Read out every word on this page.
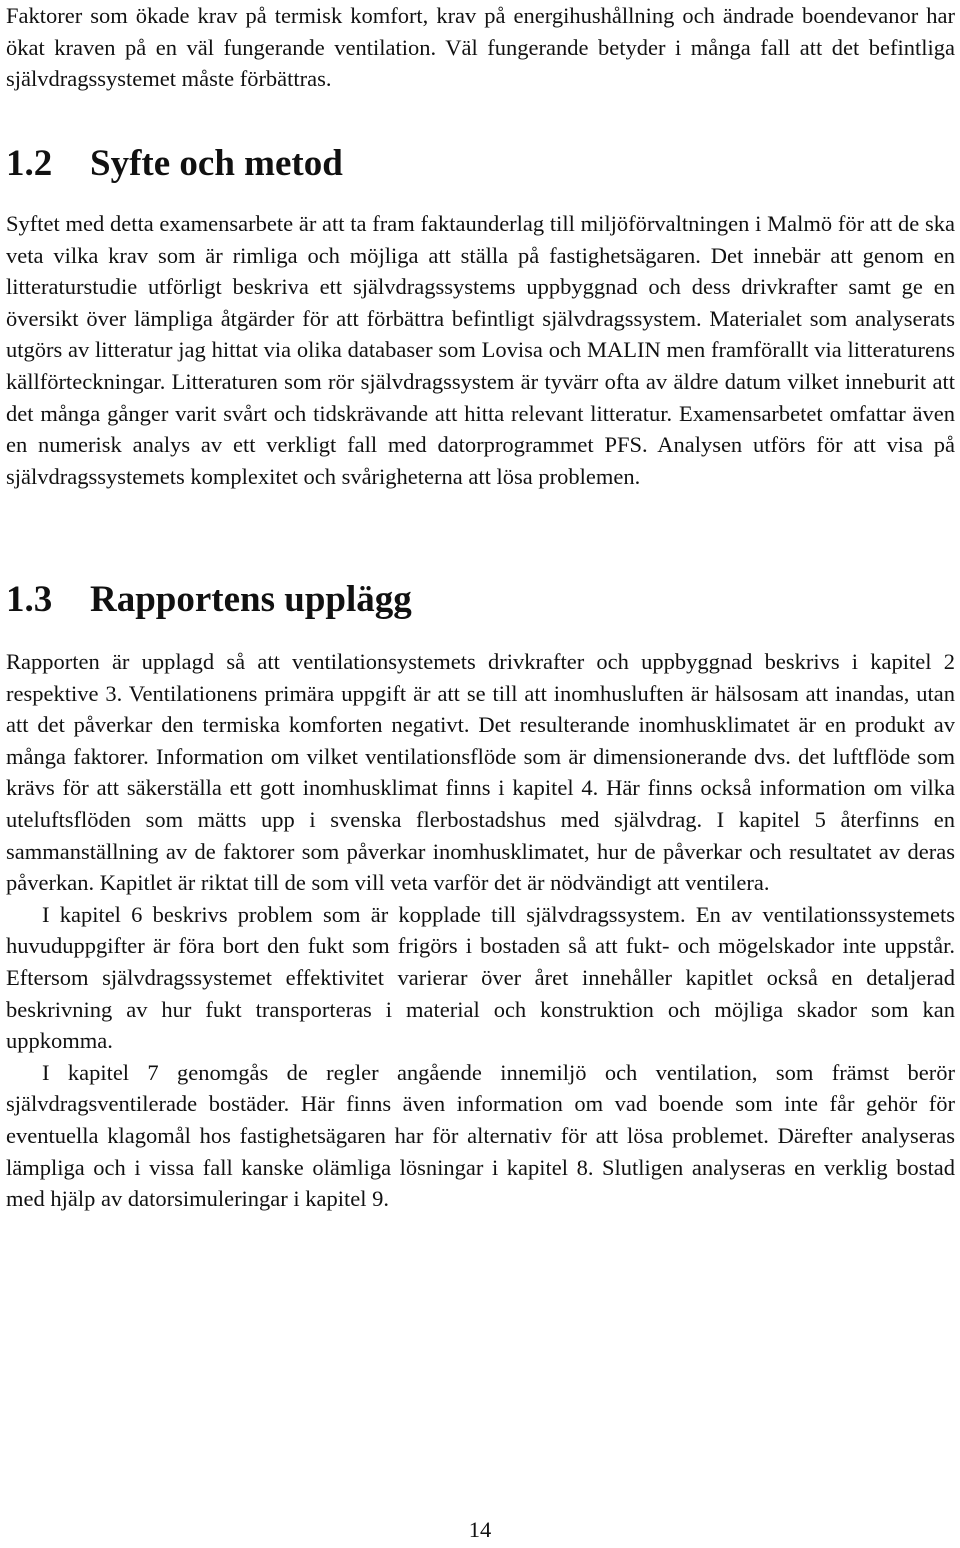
Faktorer som ökade krav på termisk komfort, krav på energihushållning och ändrade boendevanor har ökat kraven på en väl fungerande ventilation. Väl fungerande betyder i många fall att det befintliga självdragssystemet måste förbättras.

1.2 Syfte och metod

Syftet med detta examensarbete är att ta fram faktaunderlag till miljöförvaltningen i Malmö för att de ska veta vilka krav som är rimliga och möjliga att ställa på fastighetsägaren. Det innebär att genom en litteraturstudie utförligt beskriva ett självdragssystems uppbyggnad och dess drivkrafter samt ge en översikt över lämpliga åtgärder för att förbättra befintligt självdragssystem. Materialet som analyserats utgörs av litteratur jag hittat via olika databaser som Lovisa och MALIN men framförallt via litteraturens källförteckningar. Litteraturen som rör självdragssystem är tyvärr ofta av äldre datum vilket inneburit att det många gånger varit svårt och tidskrävande att hitta relevant litteratur. Examensarbetet omfattar även en numerisk analys av ett verkligt fall med datorprogrammet PFS. Analysen utförs för att visa på självdragssystemets komplexitet och svårigheterna att lösa problemen.

1.3 Rapportens upplägg

Rapporten är upplagd så att ventilationsystemets drivkrafter och uppbyggnad beskrivs i kapitel 2 respektive 3. Ventilationens primära uppgift är att se till att inomhusluften är hälsosam att inandas, utan att det påverkar den termiska komforten negativt. Det resulterande inomhusklimatet är en produkt av många faktorer. Information om vilket ventilationsflöde som är dimensionerande dvs. det luftflöde som krävs för att säkerställa ett gott inomhusklimat finns i kapitel 4. Här finns också information om vilka uteluftsflöden som mätts upp i svenska flerbostadshus med självdrag. I kapitel 5 återfinns en sammanställning av de faktorer som påverkar inomhusklimatet, hur de påverkar och resultatet av deras påverkan. Kapitlet är riktat till de som vill veta varför det är nödvändigt att ventilera.

I kapitel 6 beskrivs problem som är kopplade till självdragssystem. En av ventilationssystemets huvuduppgifter är föra bort den fukt som frigörs i bostaden så att fukt- och mögelskador inte uppstår. Eftersom självdragssystemet effektivitet varierar över året innehåller kapitlet också en detaljerad beskrivning av hur fukt transporteras i material och konstruktion och möjliga skador som kan uppkomma.

I kapitel 7 genomgås de regler angående innemiljö och ventilation, som främst berör självdragsventilerade bostäder. Här finns även information om vad boende som inte får gehör för eventuella klagomål hos fastighetsägaren har för alternativ för att lösa problemet. Därefter analyseras lämpliga och i vissa fall kanske olämliga lösningar i kapitel 8. Slutligen analyseras en verklig bostad med hjälp av datorsimuleringar i kapitel 9.

14
